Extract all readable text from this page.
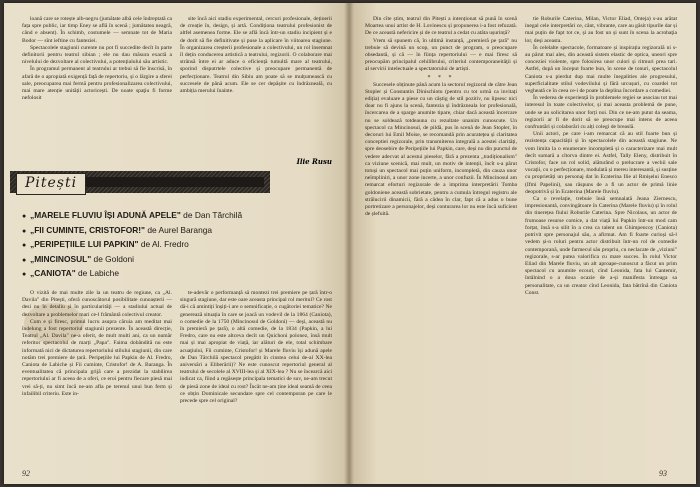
loană care se rotește alb-negru (jumătate albă cele îndreptată ca fața spre public, iar timp Eney se află în scenă ; jumătatea neagră, când e absent). În schimb, costumele — semnate tot de Maria Bodor — sînt ieftine cu fanteziei.

Spectacolele stagiunii curente nu pot fi succedite decît în parte definitorii pentru teatrul sibian ; ele nu dau măsura exactă a nivelului de dezvoltare al colectivului, a potențialului său artistic.

În programul permanent al teatrului ar trebui să fie înscrisă, în afară de o apropiată exigență față de repertoriu, și o lărgire a sferei sale, preocuparea mai fermă pentru profesionalizarea colectivului, mai mare atenție unității actoricești. De noate spaţiu fi forme nefolosit

site încă aici stadiu experimental, cercuri profesionale, deținerii de creație în, design, și artă. Condiționa teatrului profesionist de altfel asemenea forme. Ele se află încă într-un stadiu incipient și e de dorit să fie definitivate și puse la aplicare în viitoarea stagiune. În organizarea creșterii profesionale a colectivului, un rol însemnat îl dețin conducerea artistică a teatrului, regizorii. O colaborare mai strânsă între ei ar aduce o eficiență tumultă mare al teatrului, sporind disputrtele colective și preocupare permanentă de perfecționare. Teatrul din Sibiu am poate să se mulțumească cu succesele de până acum. Ele se cer depășite cu îndrăzneală, cu ambiția merului înainte.

Ilie Rusu
Pitești
● „MARELE FLUVIU ÎȘI ADUNĂ APELE" de Dan Tărchilă
● „FII CUMINTE, CRISTOFOR!" de Aurel Baranga
● „PERIPEȚIILE LUI PAPKIN" de Al. Fredro
● „MINCINOSUL" de Goldoni
● „CANIOTA" de Labiche

O vizită de mai multe zile la un teatru de regiune, ca „Al. Davila" din Pitești, oferă cunoscătorul posibilitate cunoașterii — desi nu în detaliu și în particularităţi — a stadiului actual de dezvoltare a problemelor mari ce-l frământă colectivul creator.

Cum e și firesc, primul lucru asupra căruia am meditat mai îndelung a fost repertoriul stagiunii prezente. În această direcție, Teatrul „Al. Davila" ne-a oferit, de mult multi ani, ca un număr referitor spectacolul de marți „Papa". Faima dobândită nu este informată nici de dictaturea repertoriului stilului stagiunii, din care notăm trei premiere de țară. Peripețiile lui Papkin de Al. Fredro, Caniota de Labiche și Fii cuminte, Cristofor! de A. Baranga. În eventualitatea că principala grijă care a prezidat la stabilirea repertoriului ar fi aceea de a oferi, ce eroi pentru fiecare piesă mai vrei să-ți, nu simt încă ne-am afla pe terenul unui bun ferm și infailibil criteriu. Este in-

te-adevăr o performanță să montezi trei premiere pe țară într-o singură stagiune, dar este oare aceasta principal rol meritul? Ce rost dă-i că amintiți înșiți-i are o semnificație, o cugătoriei tematice? Ne generează situația în care se joacă un vodevil de la 1864 (Caniota), o comedie de la 1750 (Mincinosul de Goldoni) — deşi, această nu în premieră pe țară), o altă comedie, de la 1834 (Papkin, a lui Fredro, care nu este altceva decît un Quichoni polonez, însă mult mai și mai apropiat de viață, iar alături de ele, total schimbare acuaţiului, Fii cuminte, Cristofor! și Marele fluviu își adună apele de Dan Tărchilă spectacol pregătit în cinstea celui de-al XX-lea aniversări a Eliberării)? Ne este cunoscut repertoriul general al teatrului de secolele al XVIII-lea și al XIX-lea ? Nu se încearcă aici indicat ca, fiind a regăsește principala tematici de suv, ne-am trecut de piesă zone de ideal cu rost? Încât ne-am ține ideal seamă de ceea ce obțin Dominicale secundare spre cel contemporan pe care le precede spre cel original?

92

Din cîte știm, teatrul din Pitești a intenționat să pună în scenă Moartea unui artist de H. Lovinescu și propunerea i-a fost refuzată. De ce această nefericire și de ce teatrul a cedat cu atâta ușurință?

Vrem să spunem că, în ultimă instanță, „premieră pe țară" nu trebuie să devină un scop, un punct de program, o preocupare obsedantă, și că — în ființa repertoriului — e mai firesc să preocupăm principalul cehilibrului, criteriul contemporaneităţii și al servirii intelectuale a spectatorului de artiști.

* * *

Succesele obținute până acum la sectorul regizoral de către Jean Stopler și Constantin Dinischiotu (pentru cu tot urmă ca invitați ediția) evaluare a piese cu un câștig de stil pozitiv, nu lipsesc nici doar nu fi ajuns la scenă, fantezia și îndrăzneala lor profesională, încercarea de a sparge anumite tipare, chiar dacă această încercare nu se soldează totdeauna cu rezultate unanim cunoscute. Un spectacol ca Mincinosul, de pildă, pus în scenă de Jean Stopler, în decoruri lui Emil Moise, se recomandă prin acuratețea și claritatea conceptiei regizorale, prin transmiterea integrală a acestei clarități, spre deosebire de Peripețiile lui Papkin, care, deși nu din punctul de vedere adecvat al acestui pieselor, fără a prezenta „tradiționalism" ca viziune scenică, mai mult, un motiv de intenții, încît s-a părut totuși un spectacol mai puțin uniform, incompletă, din cauza unor neîmpliniri, a unor zone incerte, a unor confuzii. În Mincinosul am remarcat eforturi regizorale de a imprima interpretării Tomba goldoniene această sobrietate, pentru a cumula întregul registru ale strălucirii dinamicii, fără a cădea în clar, fapt că a adus o bune portretizare a personajelor, deși conturarea lor nu este încă suficient de șlefuită.

tie Roburile Caterina, Milan, Victor Eliad, Onteja) s-au arătat inegal cele interpretări ce, cânt, vibrante, care au găsit tipurile dar și mai puțin de fapt tot ce, și au fost un și sunt în scena la acrobaţia lor, deși aceasta.

În celelalte spectacole, formatoare și inspirația regizorală ni s-au părut mai ales, din această sistem elastic de optica, uneori spre conceziei violente, spre folosirea unor culori și ritmuri prea tari. Astfel, după un început foarte bun, în scene de tonuri, spectacolul Caniota s-a pierdut dup mai multe înegalities ale progresului, superficialitate stilul vodevilului și fără urcușuri, cu coardei tot vegheată ce în ceea ce-i de poate la deplina încordare a comediei.

În vederea de experiență în problemele regiei se asociau tot mai interesul în toate colectivelor, și mai aceasta problemă de pune, unde se au solicitarea unor forți noi. Din ce ne-am putut da seama, regizorii ar fi de dorit să se preocupe mai intens de aceea confruntări și colaborări cu alți colegi de breaslă.

Unii actori, pe care i-am remarcat că au stil foarte bun și rezistența capacității și în spectacolele din această stagiune. Ne vom limita la o enumerare incompletă și o caracterizare mai mult decît sumară a cîtorva dintre ei. Astfel, Tally Eleny, distribuit în Cristofor, face un rol solid, alăturând o prelucrare a vechii sale vocații, cu o perfecționare, modulată și mereu interesantă, și susține cu proprietăți un personaj dat în Ecaterina Ilie al Rmișelui Enesco (Ifmi Papelini), sau răspuns de a fi un actor de primă linie deopotrivă și în Ecaterina (Marele fluviu).

Ca o revelație, trebuie însă semnalată Jeana Ziernescu, impresionantă, convingătoare în Caterina (Marele fluviu) și în rolul din tinerețea fiului Roburile Caterina. Spre Nicolaus, un actor de frumoase resurse comice, a dat viață lui Papkin într-un mod cam forțat, însă s-a silit în a crea ca talent un Ghimpencoy (Caniota) potrivit spre personajul său, a afirmat. Am fi foarte curioși să-l vedem și-n roluri pentru actor distribuit într-un rol de comedie contemporană, unde farmecul său propriu, cu neclacate de „viziuni" regizorale, s-ar putea valorifica cu mare succes. În rolul Victor Eliad din Marele fluviu, un alt aproape-cunoscut a făcut un prim spectacol cu anumite ecouri, cînd Leonida, fata lui Cantemir, întâlnind o a doua ocazie de a-și manifesta întreaga sa personalitate, ca un creator cînd Leonida, fata bătrînă din Caniota Const.

93
